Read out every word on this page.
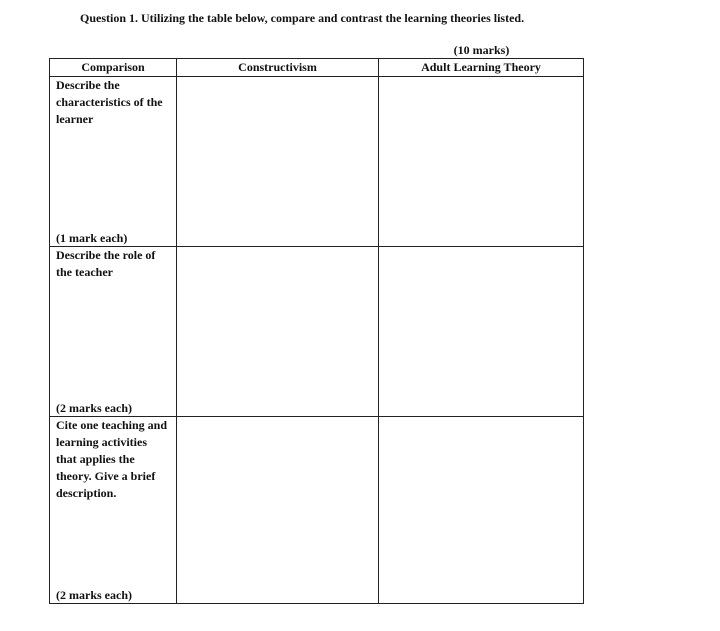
Question 1. Utilizing the table below, compare and contrast the learning theories listed.
(10 marks)
Comparison	Constructivism	Adult Learning Theory

Describe the characteristics of the learner
(1 mark each)		

Describe the role of the teacher
(2 marks each)		

Cite one teaching and learning activities that applies the theory. Give a brief description.
(2 marks each)		
